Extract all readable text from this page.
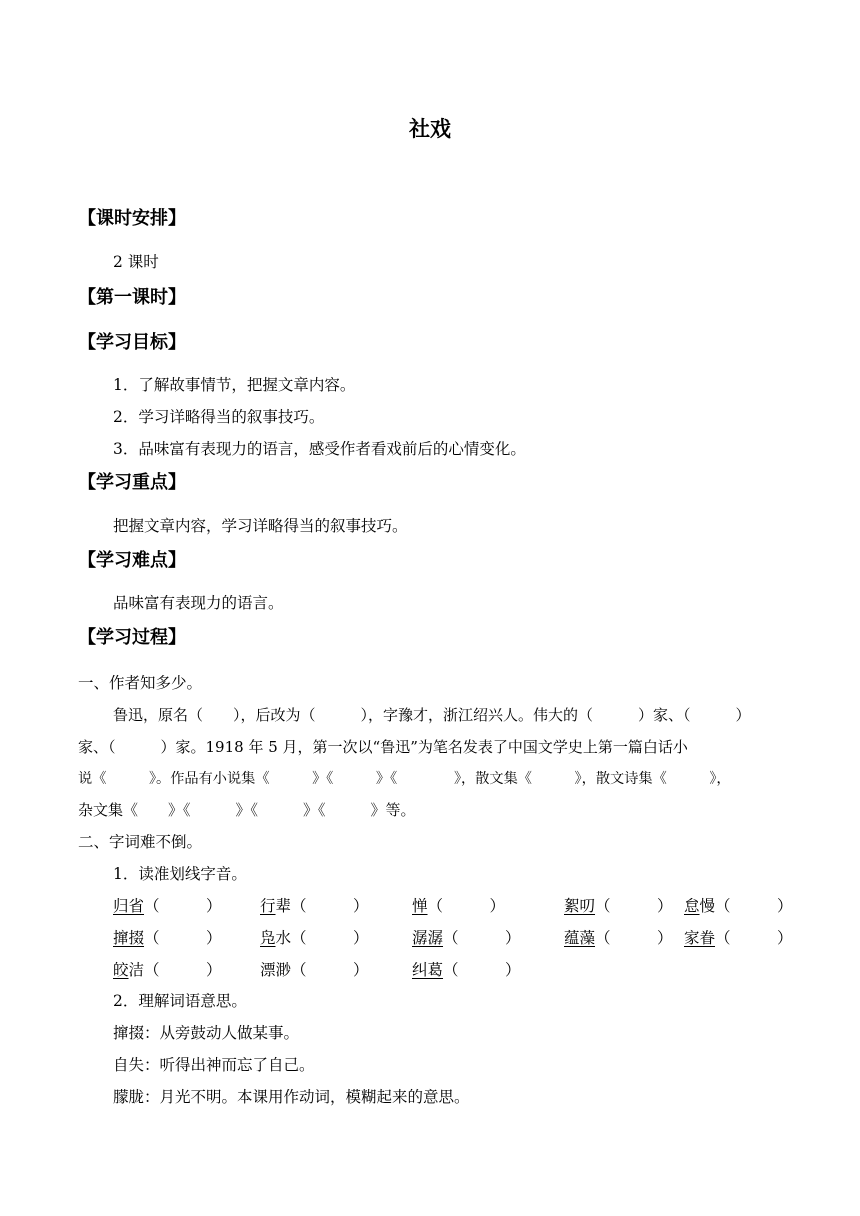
社戏
【课时安排】
2 课时
【第一课时】
【学习目标】
1．了解故事情节，把握文章内容。
2．学习详略得当的叙事技巧。
3．品味富有表现力的语言，感受作者看戏前后的心情变化。
【学习重点】
把握文章内容，学习详略得当的叙事技巧。
【学习难点】
品味富有表现力的语言。
【学习过程】
一、作者知多少。
鲁迅，原名（　　），后改为（　　　），字豫才，浙江绍兴人。伟大的（　　　）家、（　　　）
家、（　　　）家。1918 年 5 月，第一次以“鲁迅”为笔名发表了中国文学史上第一篇白话小
说《　　　》。作品有小说集《　　　》《　　　》《　　　　》，散文集《　　　》，散文诗集《　　　》，
杂文集《　　》《　　　》《　　　》《　　　》等。
二、字词难不倒。
1．读准划线字音。
归省（　　　） 行辈（　　　）	惮（　　　）	絮叨（　　　） 怠慢（　　　）
撺掇（　　　） 凫水（　　　）	潺潺（　　　）	蕴藻（　　　） 家眷（　　　）
皎洁（　　　） 漂渺（　　　）	纠葛（　　　）
2．理解词语意思。
撺掇：从旁鼓动人做某事。
自失：听得出神而忘了自己。
朦胧：月光不明。本课用作动词，模糊起来的意思。
